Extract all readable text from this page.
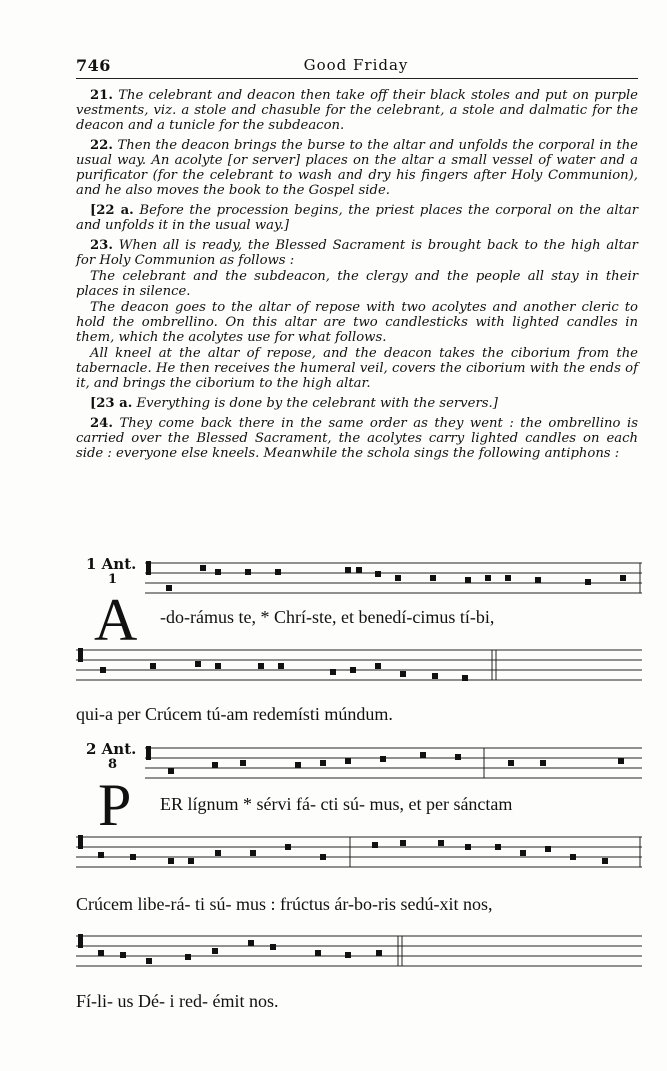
746	Good Friday

21. The celebrant and deacon then take off their black stoles and put on purple vestments, viz. a stole and chasuble for the celebrant, a stole and dalmatic for the deacon and a tunicle for the subdeacon.

22. Then the deacon brings the burse to the altar and unfolds the corporal in the usual way. An acolyte [or server] places on the altar a small vessel of water and a purificator (for the celebrant to wash and dry his fingers after Holy Communion), and he also moves the book to the Gospel side.

[22 a. Before the procession begins, the priest places the corporal on the altar and unfolds it in the usual way.]

23. When all is ready, the Blessed Sacrament is brought back to the high altar for Holy Communion as follows :

The celebrant and the subdeacon, the clergy and the people all stay in their places in silence.

The deacon goes to the altar of repose with two acolytes and another cleric to hold the ombrellino. On this altar are two candlesticks with lighted candles in them, which the acolytes use for what follows.

All kneel at the altar of repose, and the deacon takes the ciborium from the tabernacle. He then receives the humeral veil, covers the ciborium with the ends of it, and brings the ciborium to the high altar.

[23 a. Everything is done by the celebrant with the servers.]

24. They come back there in the same order as they went : the ombrellino is carried over the Blessed Sacrament, the acolytes carry lighted candles on each side : everyone else kneels. Meanwhile the schola sings the following antiphons :

1 Ant.
1
A -do-rámus te, * Chrí-ste, et benedí-cimus tí-bi,
qui-a per Crúcem tú-am redemísti múndum.
2 Ant.
8
P ER lígnum * sérvi fá- cti sú- mus, et per sánctam
Crúcem libe-rá- ti sú- mus : frúctus ár-bo-ris sedú-xit nos,
Fí-li- us Dé- i red- émit nos.
